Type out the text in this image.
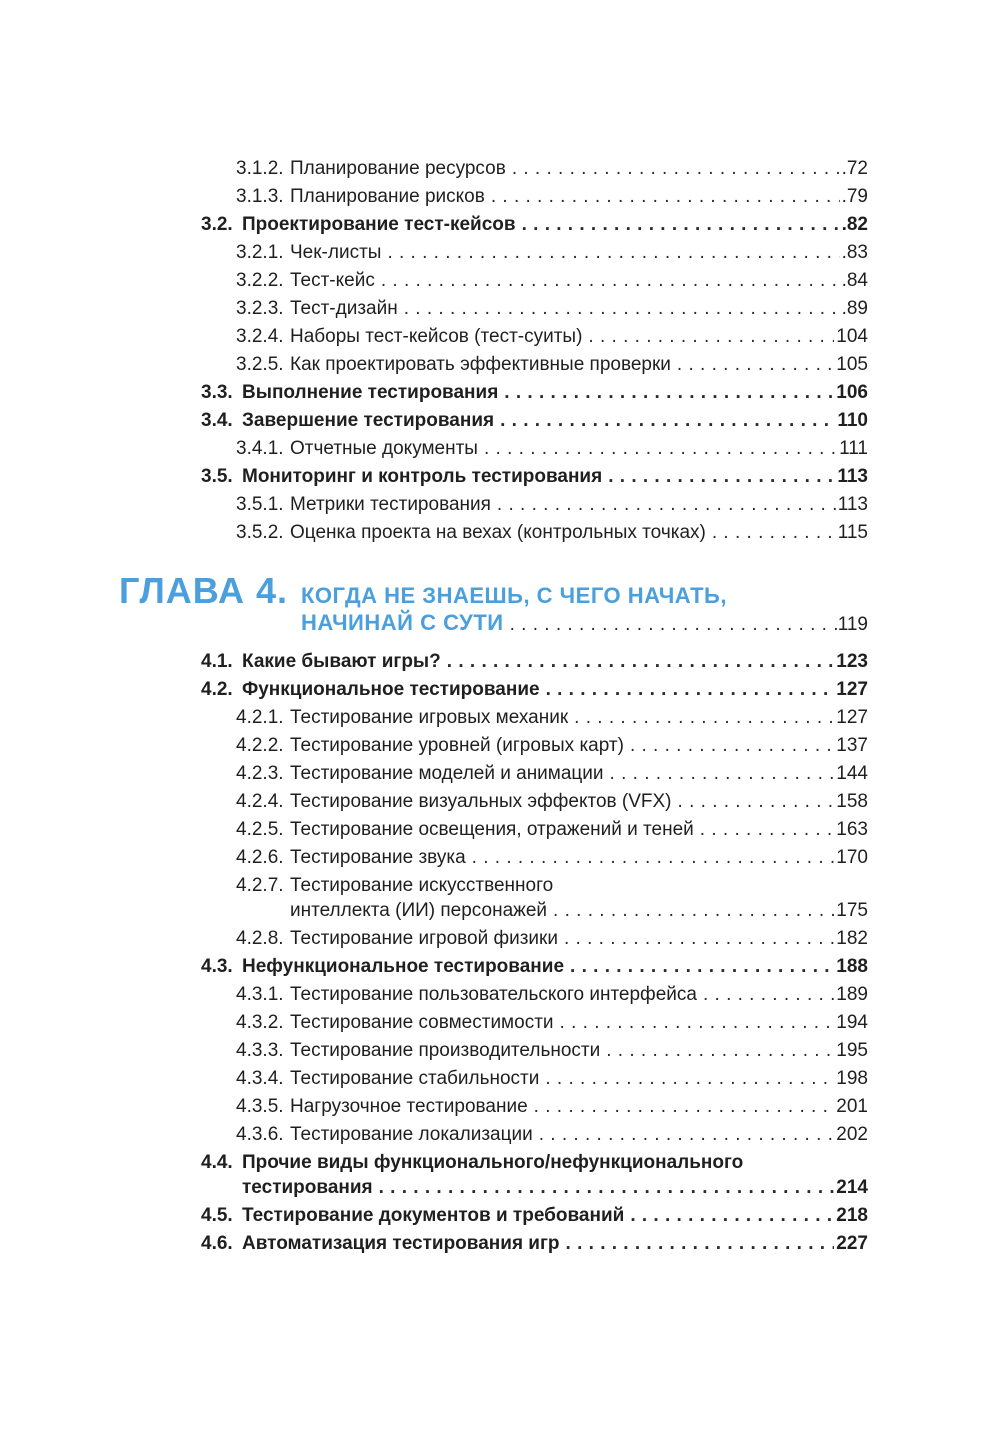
3.1.2. Планирование ресурсов . . .	.72
3.1.3. Планирование рисков . . .	.79
3.2. Проектирование тест-кейсов . . .	.82
3.2.1. Чек-листы . . .	.83
3.2.2. Тест-кейс . . .	.84
3.2.3. Тест-дизайн . . .	.89
3.2.4. Наборы тест-кейсов (тест-суиты) . . .	104
3.2.5. Как проектировать эффективные проверки . . .	105
3.3. Выполнение тестирования . . .	106
3.4. Завершение тестирования . . .	110
3.4.1. Отчетные документы . . .	111
3.5. Мониторинг и контроль тестирования . . .	113
3.5.1. Метрики тестирования . . .	113
3.5.2. Оценка проекта на вехах (контрольных точках) . . .	115
ГЛАВА 4. КОГДА НЕ ЗНАЕШЬ, С ЧЕГО НАЧАТЬ,
НАЧИНАЙ С СУТИ . . .	119
4.1. Какие бывают игры? . . .	123
4.2. Функциональное тестирование . . .	127
4.2.1. Тестирование игровых механик . . .	127
4.2.2. Тестирование уровней (игровых карт) . . .	137
4.2.3. Тестирование моделей и анимации . . .	144
4.2.4. Тестирование визуальных эффектов (VFX) . . .	158
4.2.5. Тестирование освещения, отражений и теней . . .	163
4.2.6. Тестирование звука . . .	170
4.2.7. Тестирование искусственного
интеллекта (ИИ) персонажей . . .	175
4.2.8. Тестирование игровой физики . . .	182
4.3. Нефункциональное тестирование . . .	188
4.3.1. Тестирование пользовательского интерфейса . . .	189
4.3.2. Тестирование совместимости . . .	194
4.3.3. Тестирование производительности . . .	195
4.3.4. Тестирование стабильности . . .	198
4.3.5. Нагрузочное тестирование . . .	201
4.3.6. Тестирование локализации . . .	202
4.4. Прочие виды функционального/нефункционального
тестирования . . .	214
4.5. Тестирование документов и требований . . .	218
4.6. Автоматизация тестирования игр . . .	227
